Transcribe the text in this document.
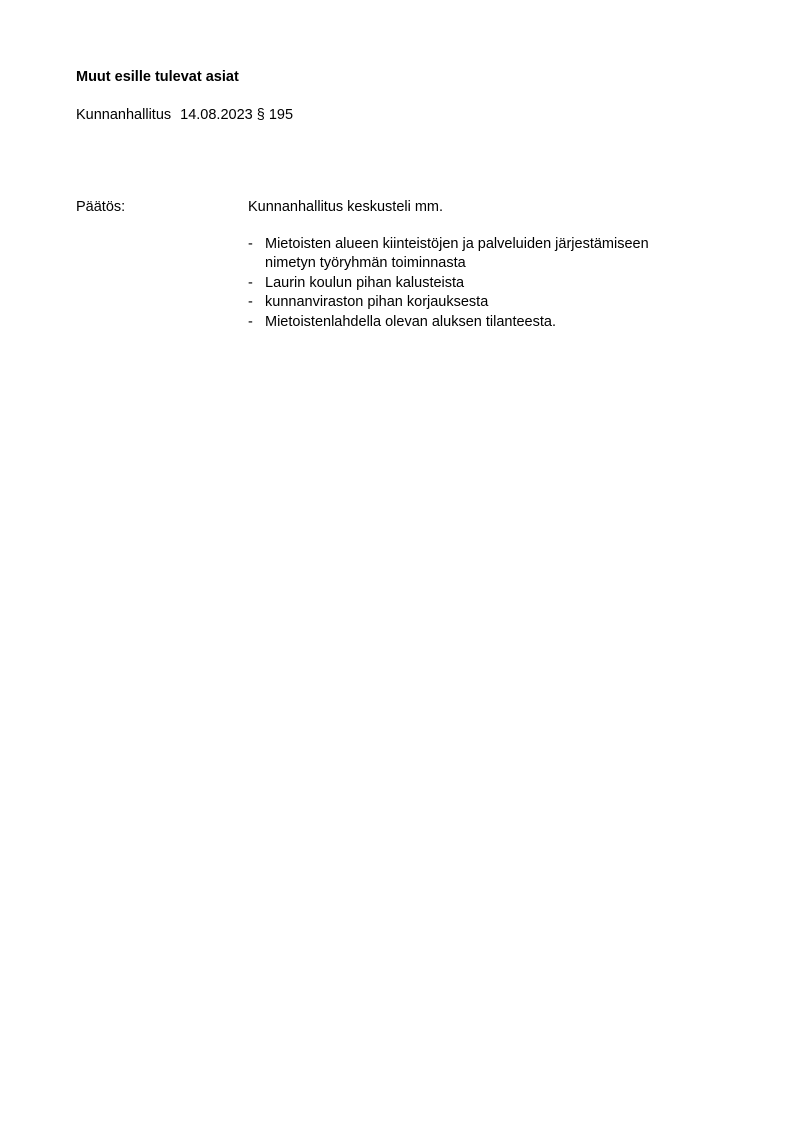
Muut esille tulevat asiat
Kunnanhallitus 14.08.2023 § 195
Päätös:	Kunnanhallitus keskusteli mm.
- Mietoisten alueen kiinteistöjen ja palveluiden järjestämiseen
nimetyn työryhmän toiminnasta
- Laurin koulun pihan kalusteista
- kunnanviraston pihan korjauksesta
- Mietoistenlahdella olevan aluksen tilanteesta.
